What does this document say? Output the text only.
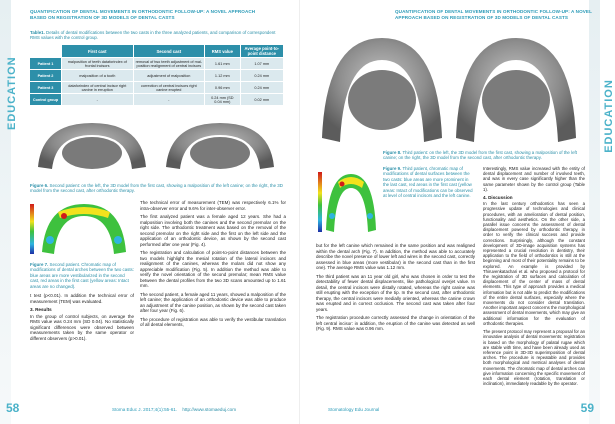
EDUCATION
QUANTIFICATION OF DENTAL MOVEMENTS IN ORTHODONTIC FOLLOW-UP: A NOVEL APPROACH BASED ON REGISTRATION OF 3D MODELS OF DENTAL CASTS
Table1. Details of dental modifications between the two casts in the three analyzed patients, and comparison of correspondent RMS values with the control group.
	First cast	Second cast	RMS value	Average point-to-point distance
Patient 1	malposition of teeth dataforindex of frontal incisors	removal of two teeth adjustment of mal-position realignment of central incisors	1.61 mm	1.07 mm
Patient 2	malposition of a tooth	adjustment of malposition	1.12 mm	0.24 mm
Patient 3	dataforindex of central incisor right canine in erruption	correction of central incisors right canine erupted	0.96 mm	0.24 mm
Control group	-	-	0.24 mm (SD 0.04 mm)	0.02 mm
Figure 6. Second patient: on the left, the 3D model from the first cast, showing a malposition of the left canine; on the right, the 3D model from the second cast, after orthodontic therapy.
Figure 7. Second patient. Chromatic map of modifications of dental arches between the two casts: blue areas are more vestibularized in the second cast, red areas in the first cast (yellow areas: Intact areas are no changed).

t test (p<0.01). In addition the technical error of measurement (TEM) was evaluated.

3. Results

In the group of control subjects, on average the RMS value was 0.24 mm (SD 0.04). No statistically significant differences were observed between measurements taken by the same operator or different observers (p>0.01).

The technical error of measurement (TEM) was respectively 6.1% for intra-observer error and 9.6% for inter-observer error.

The first analyzed patient was a female aged 12 years. She had a malposition involving both the canines and the second premolar on the right side. The orthodontic treatment was based on the removal of the second premolar on the right side and the first on the left side and the application of an orthodontic device, as shown by the second cast performed after one year (Fig. 4).

The registration and calculation of point-to-point distances between the two models highlight the mesial rotation of the lateral incisors and realignment of the canines, whereas the molars did not show any appreciable modification (Fig. 5). In addition the method was able to verify the novel orientation of the second premolar; mean RMS value between the dental profiles from the two 3D scans amounted up to 1.61 mm.

The second patient, a female aged 11 years, showed a malposition of the left canine; the application of an orthodontic device was able to produce an adjustment of the canine position, as shown by the second cast taken after four year (Fig. 6).

The procedure of registration was able to verify the vestibular translation of all dental elements,

Stoma Educ J. 2017;4(1):55-61. http://www.stomaeduj.com
58
EDUCATION
QUANTIFICATION OF DENTAL MOVEMENTS IN ORTHODONTIC FOLLOW-UP: A NOVEL APPROACH BASED ON REGISTRATION OF 3D MODELS OF DENTAL CASTS
Figure 8. Third patient: on the left, the 3D model from the first cast, showing a malposition of the left canine; on the right, the 3D model from the second cast, after orthodontic therapy.
Figure 9. Third patient, chromatic map of modifications of dental surfaces between the two casts: blue areas are more prominent in the last cast, red areas in the first cast (yellow areas: Intact of modifications can be observed at level of central incisors and the left canine.

but for the left canine which remained in the same position and was realigned within the dental arch (Fig. 7). In addition, the method was able to accurately describe the novel presence of lower left and wires in the second cast, correctly assessed in blue areas (more vestibular) in the second cast than in the first one). The average RMS value was 1.12 mm.

The third patient was an 11 year old girl, who was chosen in order to test the detectability of fewer dental displacements, like pathological overjet value. In detail, the central incisors were distally rotated, whereas the right canine was still erupting with the exception of the tip. In the second cast, after orthodontic therapy, the central incisors were medially oriented, whereas the canine crown was erupted and in correct occlusion. The second cast was taken after four years.

The registration procedure correctly assessed the change in orientation of the left central incisor: in addition, the eruption of the canine was detected as well (Fig. 9). RMS value was 0.96 mm.

Interestingly, RMS value increased with the entity of dental displacement and number of involved teeth, and was in every case significantly higher than the same parameter shown by the control group (Table 1).

4. Discussion

In the last century orthodontics has seen a progressive update of technologies and clinical procedures, with an amelioration of dental position, functionality and aesthetics. On the other side, a parallel issue concerns the assessment of dental displacement powered by orthodontic therapy, in order to verify the clinical success and provide corrections. Surprisingly, although the constant development of 3D-image acquisition systems has represented a crucial revolution in dentistry, their application to the field of orthodontics is still at the beginning and most of their potentiality remains to be explored. An example is provided by Thiruvenkatachari et al. who proposed a protocol for the registration of 3D surfaces and calculation of displacement of the center of mass of dental elements. This type of approach provides a medical information but is not able to predict the modifications of the entire dental surfaces, especially where the movements do not consider dental translation. Another important aspect concerns the morphological assessment of dental movements, which may give an additional information for the evaluation of orthodontic therapies.

The present protocol may represent a proposal for an innovative analysis of dental movements: registration is based on the morphology of palatal rugae which are stable with time, and have been already used as reference point in 3D-3D superimposition of dental arches. The procedure is repeatable and provides both morphological and metrical analyses of dental movements. The chromatic map of dental arches can give information concerning the specific movement of each dental element (rotation, translation or inclination), immediately readable by the operator.

Stomatology Edu Journal	59
